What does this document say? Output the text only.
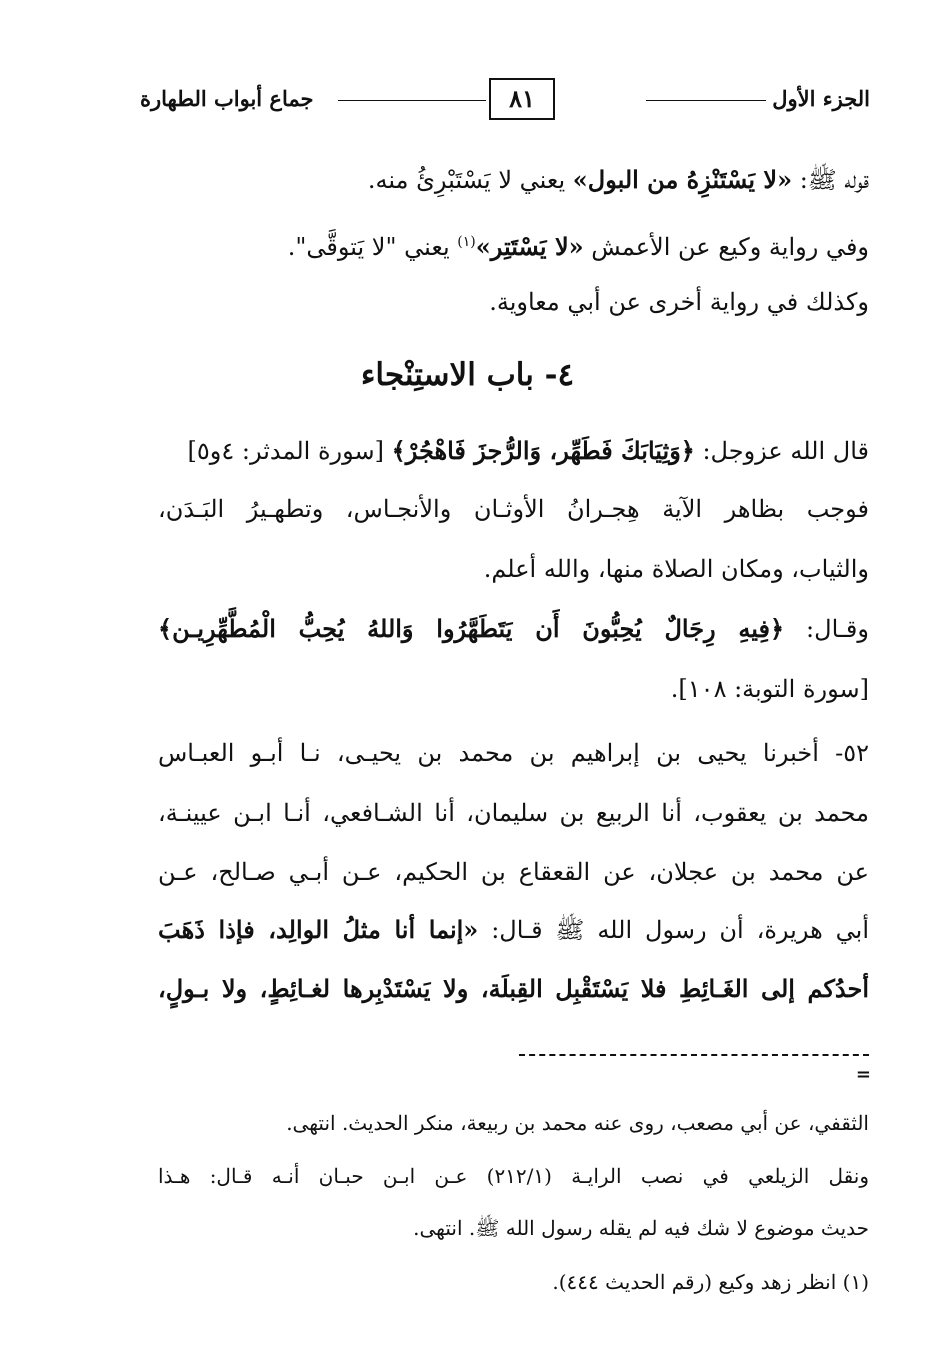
الجزء الأول
٨١
جماع أبواب الطهارة
قوله ﷺ: «لا يَسْتَنْزِهُ من البول» يعني لا يَسْتَبْرِئُ منه.
وفي رواية وكيع عن الأعمش «لا يَسْتَتِر»$^{(١)}$ يعني "لا يَتوقَّى".
وكذلك في رواية أخرى عن أبي معاوية.
٤- باب الاستِنْجاء
قال الله عزوجل: ﴿وَثِيَابَكَ فَطَهِّر، وَالرُّجزَ فَاهْجُرْ﴾ [سورة المدثر: ٤و٥]
فوجب بظاهر الآية هِجـرانُ الأوثـان والأنجـاس، وتطهـيرُ البَـدَن،
والثياب، ومكان الصلاة منها، والله أعلم.
وقـال: ﴿فِيهِ رِجَالٌ يُحِبُّونَ أَن يَتَطَهَّرُوا وَاللهُ يُحِبُّ الْمُطَّهِّرِيـن﴾
[سورة التوبة: ١٠٨].
٥٢- أخبرنا يحيى بن إبراهيم بن محمد بن يحيـى، نـا أبـو العبـاس
محمد بن يعقوب، أنا الربيع بن سليمان، أنا الشـافعي، أنـا ابـن عيينـة،
عن محمد بن عجلان، عن القعقاع بن الحكيم، عـن أبـي صـالح، عـن
أبي هريرة، أن رسول الله ﷺ قـال: «إنما أنا مثلُ الوالِد، فإذا ذَهَبَ
أحدُكم إلى الغَـائِطِ فلا يَسْتَقْبِل القِبلَة، ولا يَسْتَدْبِرها لغـائِطٍ، ولا بـولٍ،
=
الثقفي، عن أبي مصعب، روى عنه محمد بن ربيعة، منكر الحديث. انتهى.
ونقل الزيلعي في نصب الرايـة (٢١٢/١) عـن ابـن حبـان أنـه قـال: هـذا
حديث موضوع لا شك فيه لم يقله رسول الله ﷺ. انتهى.
(١) انظر زهد وكيع (رقم الحديث ٤٤٤).
